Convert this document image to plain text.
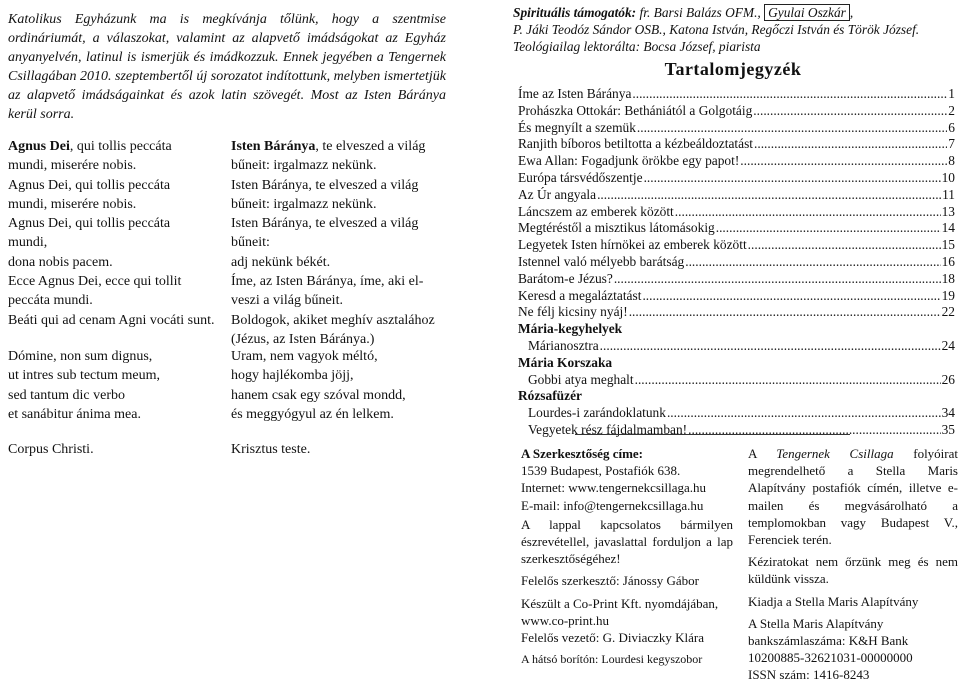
Katolikus Egyházunk ma is megkívánja tőlünk, hogy a szentmise ordináriumát, a válaszokat, valamint az alapvető imádságokat az Egyház anyanyelvén, latinul is ismerjük és imádkozzuk. Ennek jegyében a Tengernek Csillagában 2010. szeptembertől új sorozatot indítottunk, melyben ismertetjük az alapvető imádságainkat és azok latin szövegét. Most az Isten Báránya kerül sorra.
Agnus Dei, qui tollis peccáta
mundi, miserére nobis.
Agnus Dei, qui tollis peccáta
mundi, miserére nobis.
Agnus Dei, qui tollis peccáta
mundi,
dona nobis pacem.
Ecce Agnus Dei, ecce qui tollit
peccáta mundi.
Beáti qui ad cenam Agni vocáti sunt.
Dómine, non sum dignus,
ut intres sub tectum meum,
sed tantum dic verbo
et sanábitur ánima mea.
Corpus Christi.
Isten Báránya, te elveszed a világ
bűneit: irgalmazz nekünk.
Isten Báránya, te elveszed a világ
bűneit: irgalmazz nekünk.
Isten Báránya, te elveszed a világ
bűneit:
adj nekünk békét.
Íme, az Isten Báránya, íme, aki el-
veszi a világ bűneit.
Boldogok, akiket meghív asztalához
(Jézus, az Isten Báránya.)
Uram, nem vagyok méltó,
hogy hajlékomba jöjj,
hanem csak egy szóval mondd,
és meggyógyul az én lelkem.
Krisztus teste.
Spirituális támogatók: fr. Barsi Balázs OFM., Gyulai Oszkár ,
P. Jáki Teodóz Sándor OSB., Katona István, Regőczi István és Török József.
Teológiailag lektorálta: Bocsa József, piarista
Tartalomjegyzék
Íme az Isten Báránya .....	1
Prohászka Ottokár: Bethániától a Golgotáig .....	2
És megnyílt a szemük .....	6
Ranjith bíboros betiltotta a kézbeáldoztatást .....	7
Ewa Allan: Fogadjunk örökbe egy papot! .....	8
Európa társvédőszentje .....	10
Az Úr angyala .....	11
Láncszem az emberek között .....	13
Megtéréstől a misztikus látomásokig .....	14
Legyetek Isten hírnökei az emberek között .....	15
Istennel való mélyebb barátság .....	16
Barátom-e Jézus? .....	18
Keresd a megaláztatást .....	19
Ne félj kicsiny nyáj! .....	22
Mária-kegyhelyek
Márianosztra .....	24
Mária Korszaka
Gobbi atya meghalt .....	26
Rózsafüzér
Lourdes-i zarándoklatunk .....	34
Vegyetek rész fájdalmamban! .....	35

A Szerkesztőség címe:
1539 Budapest, Postafiók 638.
Internet: www.tengernekcsillaga.hu
E-mail: info@tengernekcsillaga.hu

A lappal kapcsolatos bármilyen észrevétellel, javaslattal forduljon a lap szerkesztőségéhez!

Felelős szerkesztő: Jánossy Gábor

Készült a Co-Print Kft. nyomdájában, www.co-print.hu

Felelős vezető: G. Diviaczky Klára

A hátsó borítón: Lourdesi kegyszobor

A Tengernek Csillaga folyóirat megrendelhető a Stella Maris Alapítvány postafiók címén, illetve e-mailen és megvásárolható a templomokban vagy Budapest V., Ferenciek terén.

Kéziratokat nem őrzünk meg és nem küldünk vissza.

Kiadja a Stella Maris Alapítvány

A Stella Maris Alapítvány
bankszámlaszáma: K&H Bank
10200885-32621031-00000000
ISSN szám: 1416-8243
